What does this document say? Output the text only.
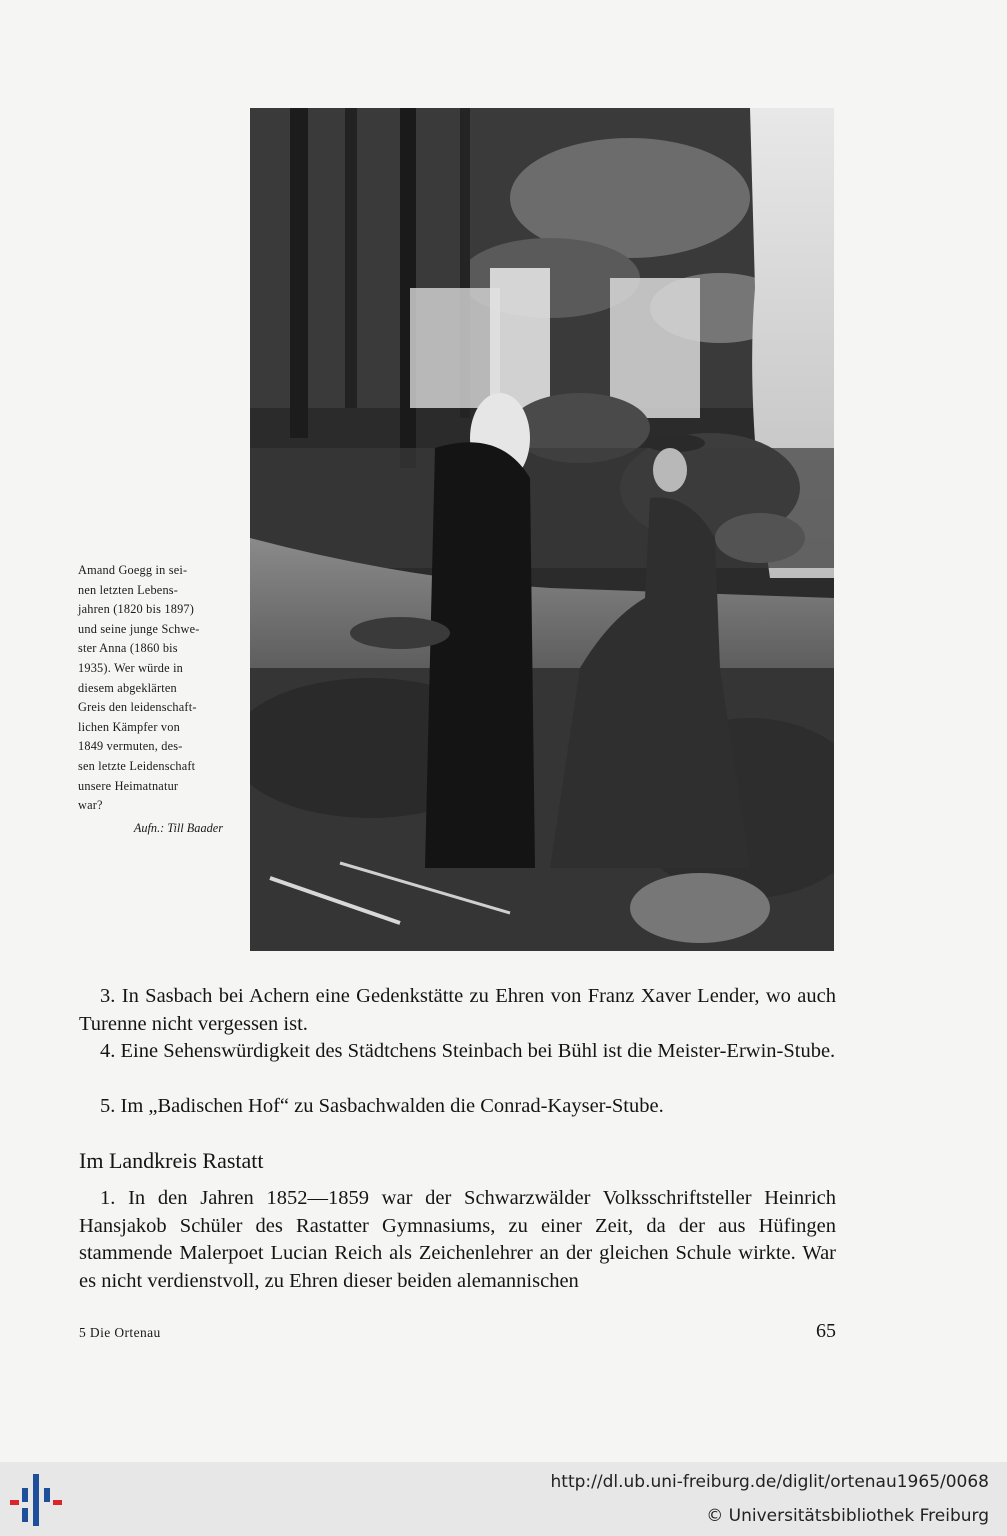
Amand Goegg in sei-
nen letzten Lebens-
jahren (1820 bis 1897)
und seine junge Schwe-
ster Anna (1860 bis
1935). Wer würde in
diesem abgeklärten
Greis den leidenschaft-
lichen Kämpfer von
1849 vermuten, des-
sen letzte Leidenschaft
unsere Heimatnatur
war?
Aufn.: Till Baader

3. In Sasbach bei Achern eine Gedenkstätte zu Ehren von Franz Xaver Lender, wo auch Turenne nicht vergessen ist.

4. Eine Sehenswürdigkeit des Städtchens Steinbach bei Bühl ist die Meister-Erwin-Stube.

5. Im „Badischen Hof“ zu Sasbachwalden die Conrad-Kayser-Stube.

Im Landkreis Rastatt

1. In den Jahren 1852—1859 war der Schwarzwälder Volksschriftsteller Heinrich Hansjakob Schüler des Rastatter Gymnasiums, zu einer Zeit, da der aus Hüfingen stammende Malerpoet Lucian Reich als Zeichenlehrer an der gleichen Schule wirkte. War es nicht verdienstvoll, zu Ehren dieser beiden alemannischen

5 Die Ortenau	65
http://dl.ub.uni-freiburg.de/diglit/ortenau1965/0068
© Universitätsbibliothek Freiburg
